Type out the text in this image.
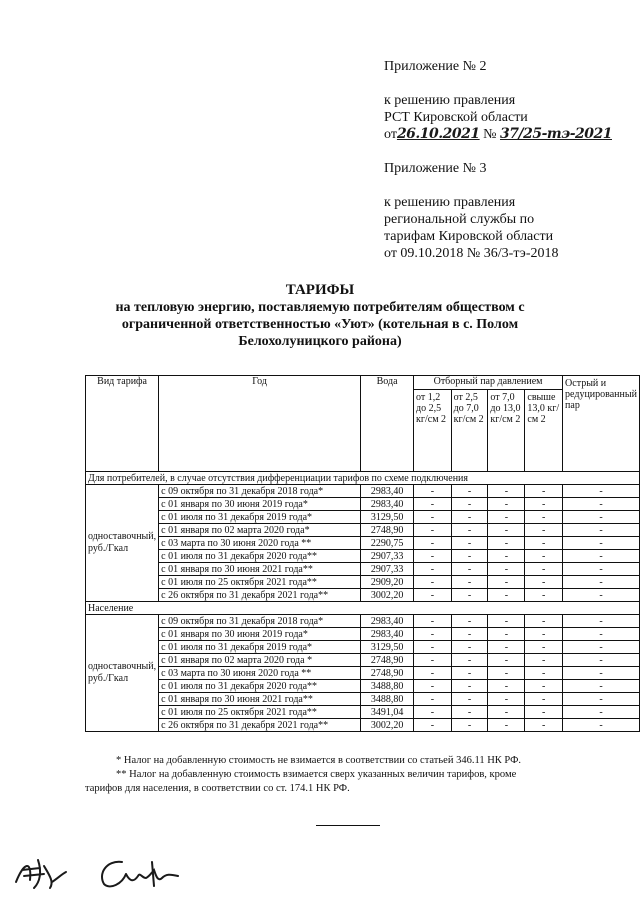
Приложение № 2
к решению правления
РСТ Кировской области
от26.10.2021 № 37/25-тэ-2021
Приложение № 3
к решению правления
региональной службы по
тарифам Кировской области
от 09.10.2018 № 36/3-тэ-2018
ТАРИФЫ
на тепловую энергию, поставляемую потребителям обществом с
ограниченной ответственностью «Уют» (котельная в с. Полом
Белохолуницкого района)
Вид тарифа	Год	Вода	Отборный пар давлением				Острый и редуцированный пар
			от 1,2 до 2,5 кг/см 2	от 2,5 до 7,0 кг/см 2	от 7,0 до 13,0 кг/см 2	свыше 13,0 кг/см 2	
Для потребителей, в случае отсутствия дифференциации тарифов по схеме подключения							
одноставочный, руб./Гкал	с 09 октября по 31 декабря 2018 года*	2983,40	-	-	-	-	-
	с 01 января по 30 июня 2019 года*	2983,40	-	-	-	-	-
	с 01 июля по 31 декабря 2019 года*	3129,50	-	-	-	-	-
	с 01 января по 02 марта 2020 года*	2748,90	-	-	-	-	-
	с 03 марта по 30 июня 2020 года **	2290,75	-	-	-	-	-
	с 01 июля по 31 декабря 2020 года**	2907,33	-	-	-	-	-
	с 01 января по 30 июня 2021 года**	2907,33	-	-	-	-	-
	с 01 июля по 25 октября 2021 года**	2909,20	-	-	-	-	-
	с 26 октября по 31 декабря 2021 года**	3002,20	-	-	-	-	-
Население							
одноставочный, руб./Гкал	с 09 октября по 31 декабря 2018 года*	2983,40	-	-	-	-	-
	с 01 января по 30 июня 2019 года*	2983,40	-	-	-	-	-
	с 01 июля по 31 декабря 2019 года*	3129,50	-	-	-	-	-
	с 01 января по 02 марта 2020 года *	2748,90	-	-	-	-	-
	с 03 марта по 30 июня 2020 года **	2748,90	-	-	-	-	-
	с 01 июля по 31 декабря 2020 года**	3488,80	-	-	-	-	-
	с 01 января по 30 июня 2021 года**	3488,80	-	-	-	-	-
	с 01 июля по 25 октября 2021 года**	3491,04	-	-	-	-	-
	с 26 октября по 31 декабря 2021 года**	3002,20	-	-	-	-	-
* Налог на добавленную стоимость не взимается в соответствии со статьей 346.11 НК РФ.
** Налог на добавленную стоимость взимается сверх указанных величин тарифов, кроме
тарифов для населения, в соответствии со ст. 174.1 НК РФ.
